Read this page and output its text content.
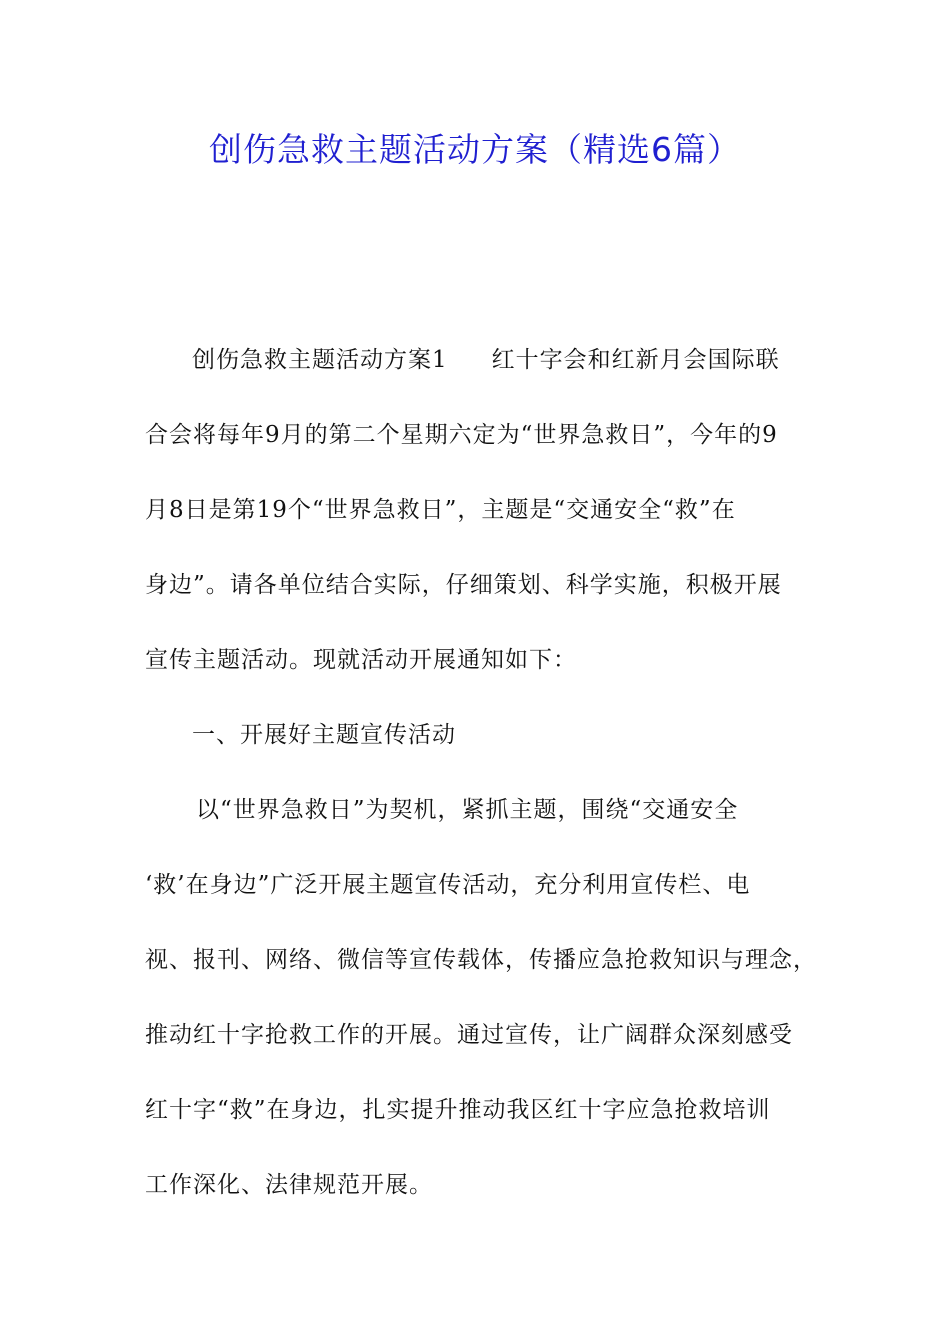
创伤急救主题活动方案（精选6篇）
创伤急救主题活动方案1 红十字会和红新月会国际联
合会将每年9月的第二个星期六定为“世界急救日”，今年的9
月8日是第19个“世界急救日”，主题是“交通安全“救”在
身边”。请各单位结合实际，仔细策划、科学实施，积极开展
宣传主题活动。现就活动开展通知如下：
一、开展好主题宣传活动
以“世界急救日”为契机，紧抓主题，围绕“交通安全
‘救’在身边”广泛开展主题宣传活动，充分利用宣传栏、电
视、报刊、网络、微信等宣传载体，传播应急抢救知识与理念，
推动红十字抢救工作的开展。通过宣传，让广阔群众深刻感受
红十字“救”在身边，扎实提升推动我区红十字应急抢救培训
工作深化、法律规范开展。
